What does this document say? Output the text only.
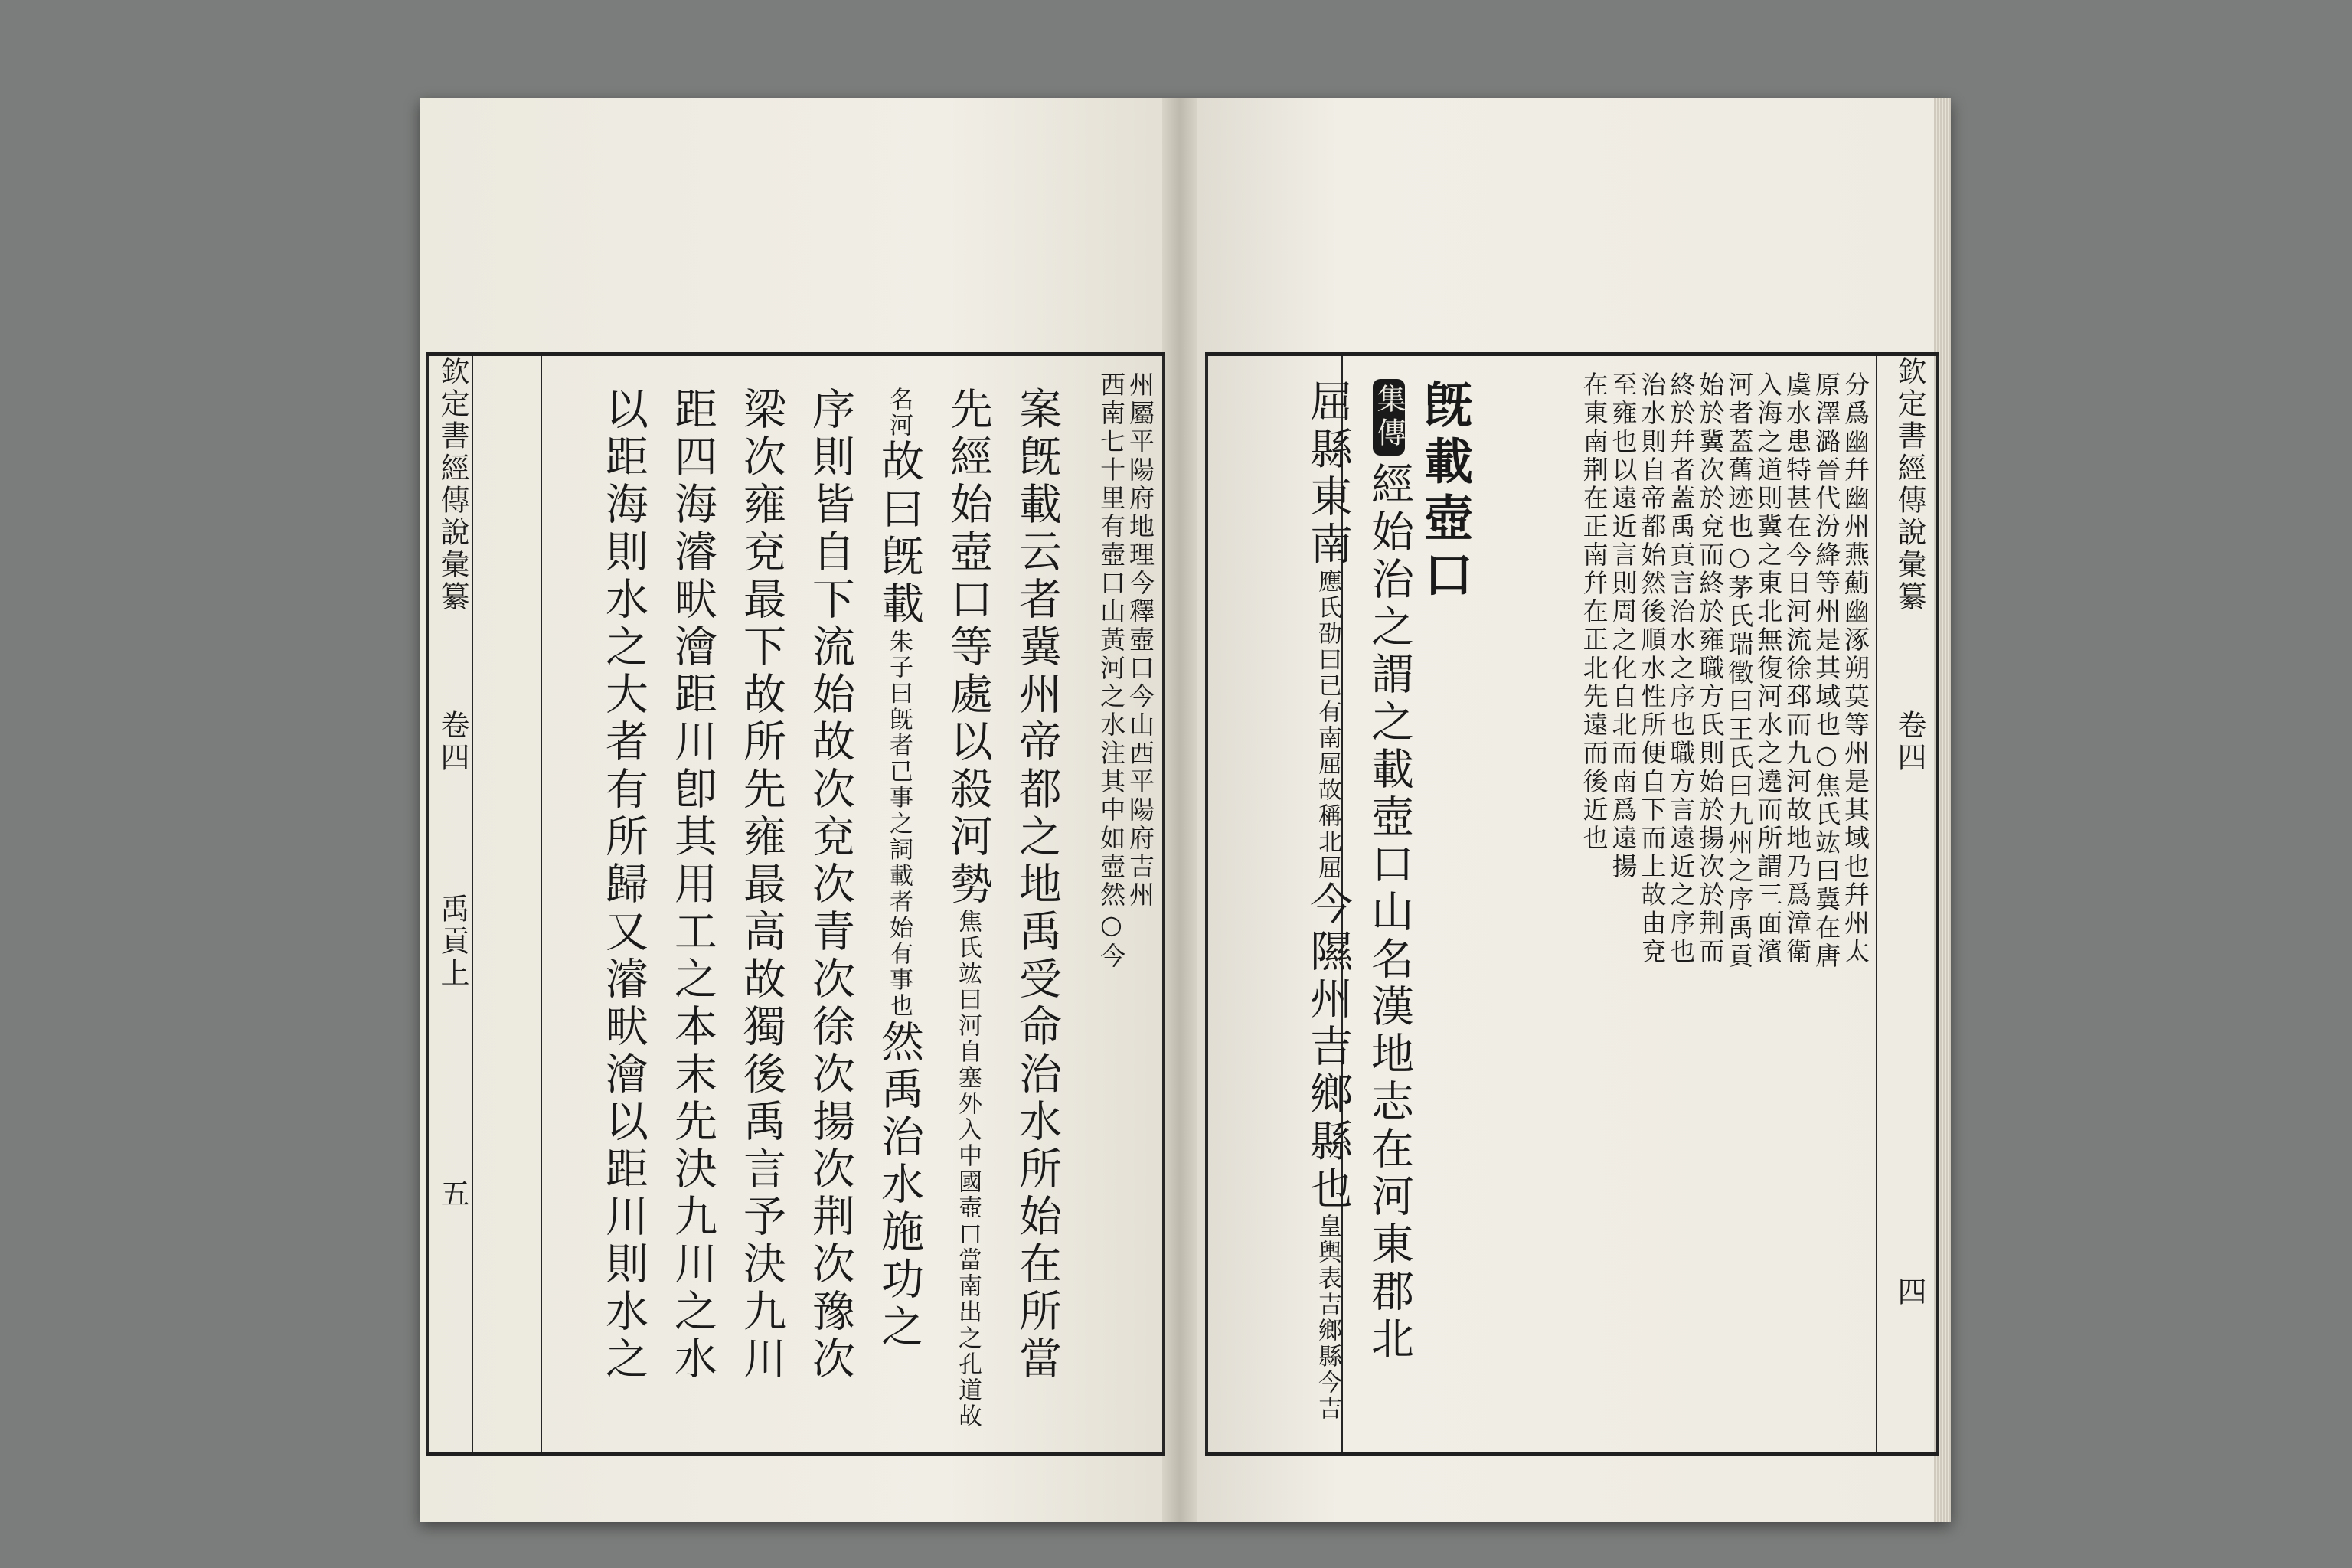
欽定書經傳說彙纂  卷四  四
分爲幽幷幽州燕薊幽涿朔莫等州是其域也幷州太
原澤潞晉代汾絳等州是其域也○焦氏竑曰冀在唐
虞水患特甚在今日河流徐邳而九河故地乃爲漳衛
入海之道則冀之東北無復河水之遶而所謂三面濱
河者蓋舊迹也○茅氏瑞徵曰王氏曰九州之序禹貢
始於冀次於兗而終於雍職方氏則始於揚次於荆而
終於幷者蓋禹貢言治水之序也職方言遠近之序也
治水則自帝都始然後順水性所便自下而上故由兗
至雍也以遠近言則周之化自北而南爲遠揚
在東南荆在正南幷在正北先遠而後近也
旣載壺口
集傳經始治之謂之載壺口山名漢地志在河東郡北
屈縣東南應氏劭曰已有南屈故稱北屈今隰州吉鄉縣也皇輿表吉鄉縣今吉
欽定書經傳說彙纂  卷四  禹貢上  五
州屬平陽府地理今釋壺口今山西平陽府吉州
西南七十里有壺口山黃河之水注其中如壺然○今
案旣載云者冀州帝都之地禹受命治水所始在所當
先經始壺口等處以殺河勢焦氏竑曰河自塞外入中國壺口當南出之孔道故
名河故曰旣載朱子曰旣者已事之詞載者始有事也然禹治水施功之
序則皆自下流始故次兗次青次徐次揚次荆次豫次
梁次雍兗最下故所先雍最高故獨後禹言予決九川
距四海濬畎澮距川卽其用工之本末先決九川之水
以距海則水之大者有所歸又濬畎澮以距川則水之
